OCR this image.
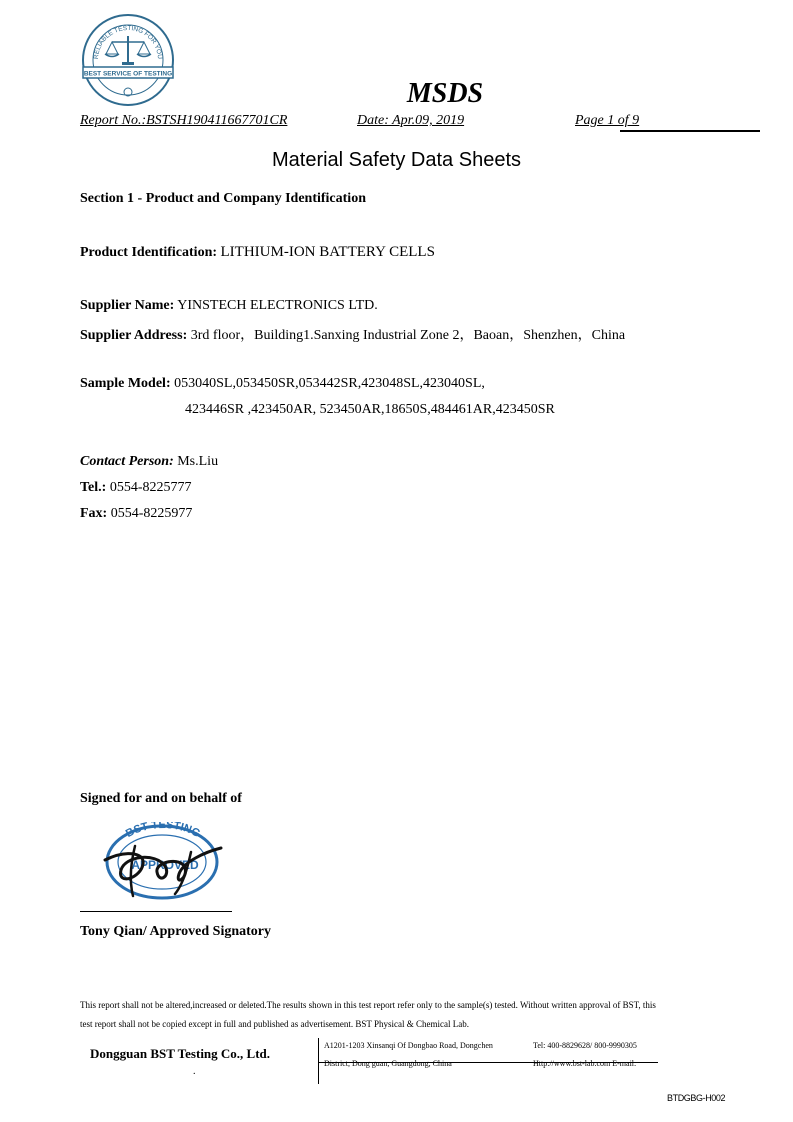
RELIABLE TESTING FOR YOU
BEST SERVICE OF TESTING
MSDS
Report No.:BSTSH190411667701CR	Date: Apr.09, 2019	Page 1 of 9
Material Safety Data Sheets
Section 1 - Product and Company Identification
Product Identification: LITHIUM-ION BATTERY CELLS
Supplier Name: YINSTECH ELECTRONICS LTD.
Supplier Address: 3rd floor，Building1.Sanxing Industrial Zone 2，Baoan，Shenzhen，China
Sample Model: 053040SL,053450SR,053442SR,423048SL,423040SL,
423446SR ,423450AR, 523450AR,18650S,484461AR,423450SR
Contact Person: Ms.Liu
Tel.: 0554-8225777
Fax: 0554-8225977
Signed for and on behalf of
BST TESTING
APPROVED
Tony Qian/ Approved Signatory
This report shall not be altered,increased or deleted.The results shown in this test report refer only to the sample(s) tested. Without written approval of BST, this
test report shall not be copied except in full and published as advertisement. BST Physical & Chemical Lab.
Dongguan BST Testing Co., Ltd.
.
A1201-1203 Xinsanqi Of Dongbao Road, Dongchen
District, Dong guan, Guangdong, China
Tel: 400-8829628/ 800-9990305
Http://www.bst-lab.com E-mail:
BTDGBG-H002
